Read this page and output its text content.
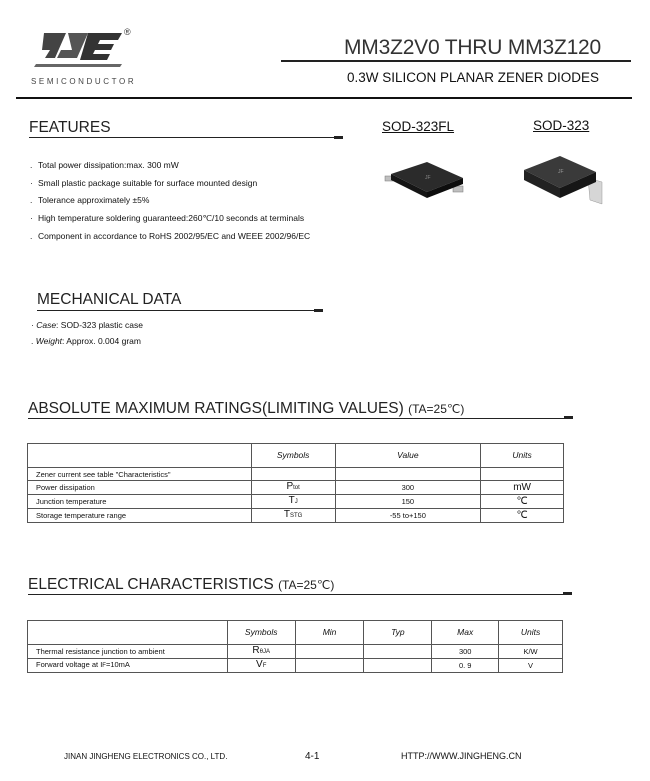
®
SEMICONDUCTOR
MM3Z2V0 THRU MM3Z120
0.3W SILICON PLANAR ZENER DIODES
FEATURES
. Total power dissipation:max. 300 mW
· Small plastic package suitable for surface mounted design
. Tolerance approximately ±5%
· High temperature soldering guaranteed:260℃/10 seconds at terminals
. Component in accordance to RoHS 2002/95/EC and WEEE 2002/96/EC
SOD-323FL	SOD-323
JF
JF
MECHANICAL DATA
· Case: SOD-323 plastic case
. Weight: Approx. 0.004 gram
ABSOLUTE MAXIMUM RATINGS(LIMITING VALUES) (TA=25℃)
	Symbols	Value	Units
Zener current see table "Characteristics"			
Power dissipation	Ptot	300	mW
Junction temperature	TJ	150	℃
Storage temperature range	TSTG	-55 to+150	℃
ELECTRICAL CHARACTERISTICS (TA=25℃)
	Symbols	Min	Typ	Max	Units
Thermal resistance junction to ambient	RθJA			300	K/W
Forward voltage at IF=10mA	VF			0. 9	V
JINAN JINGHENG ELECTRONICS CO., LTD.	4-1	HTTP://WWW.JINGHENG.CN
